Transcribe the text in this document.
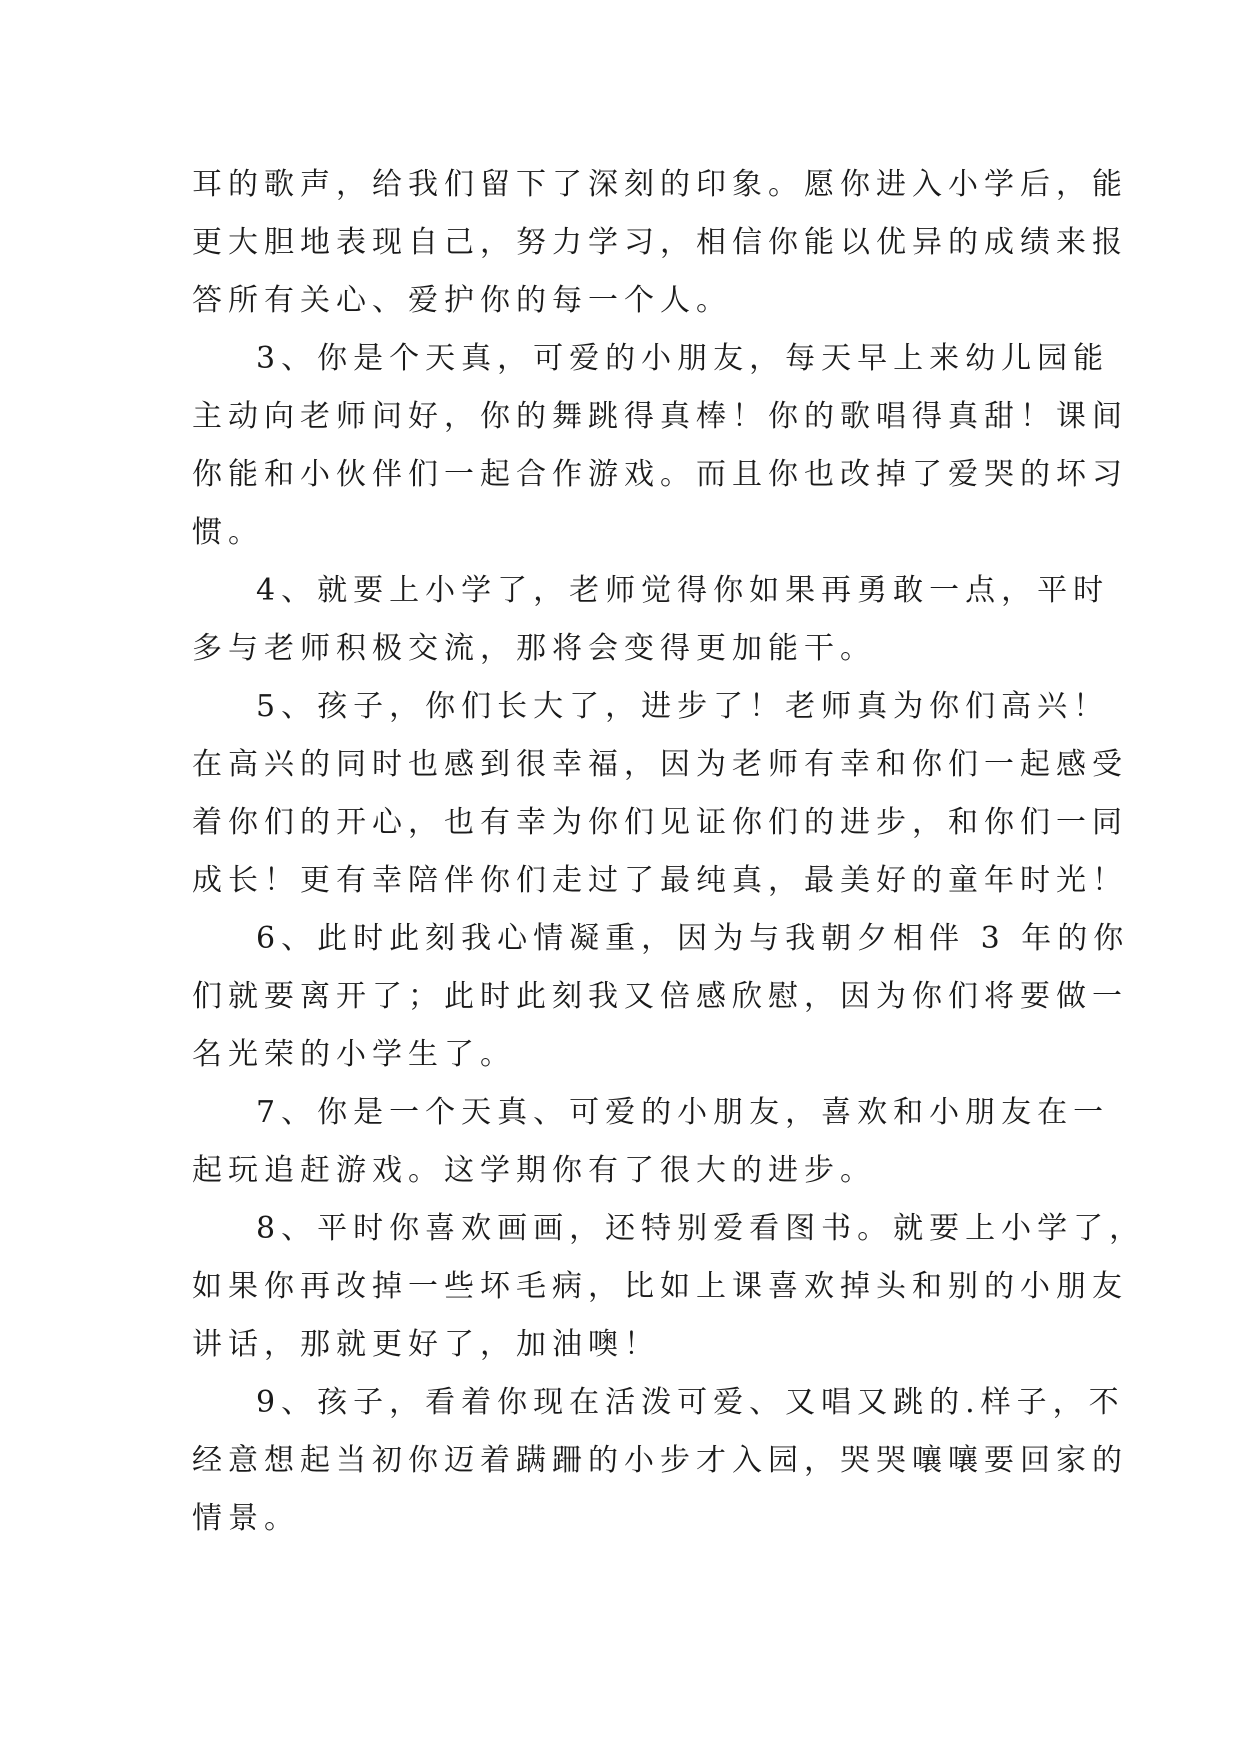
耳的歌声，给我们留下了深刻的印象。愿你进入小学后，能
更大胆地表现自己，努力学习，相信你能以优异的成绩来报
答所有关心、爱护你的每一个人。
3、你是个天真，可爱的小朋友，每天早上来幼儿园能
主动向老师问好，你的舞跳得真棒！你的歌唱得真甜！课间
你能和小伙伴们一起合作游戏。而且你也改掉了爱哭的坏习
惯。
4、就要上小学了，老师觉得你如果再勇敢一点，平时
多与老师积极交流，那将会变得更加能干。
5、孩子，你们长大了，进步了！老师真为你们高兴！
在高兴的同时也感到很幸福，因为老师有幸和你们一起感受
着你们的开心，也有幸为你们见证你们的进步，和你们一同
成长！更有幸陪伴你们走过了最纯真，最美好的童年时光！
6、此时此刻我心情凝重，因为与我朝夕相伴 3 年的你
们就要离开了；此时此刻我又倍感欣慰，因为你们将要做一
名光荣的小学生了。
7、你是一个天真、可爱的小朋友，喜欢和小朋友在一
起玩追赶游戏。这学期你有了很大的进步。
8、平时你喜欢画画，还特别爱看图书。就要上小学了，
如果你再改掉一些坏毛病，比如上课喜欢掉头和别的小朋友
讲话，那就更好了，加油噢！
9、孩子，看着你现在活泼可爱、又唱又跳的.样子，不
经意想起当初你迈着蹒跚的小步才入园，哭哭嚷嚷要回家的
情景。
